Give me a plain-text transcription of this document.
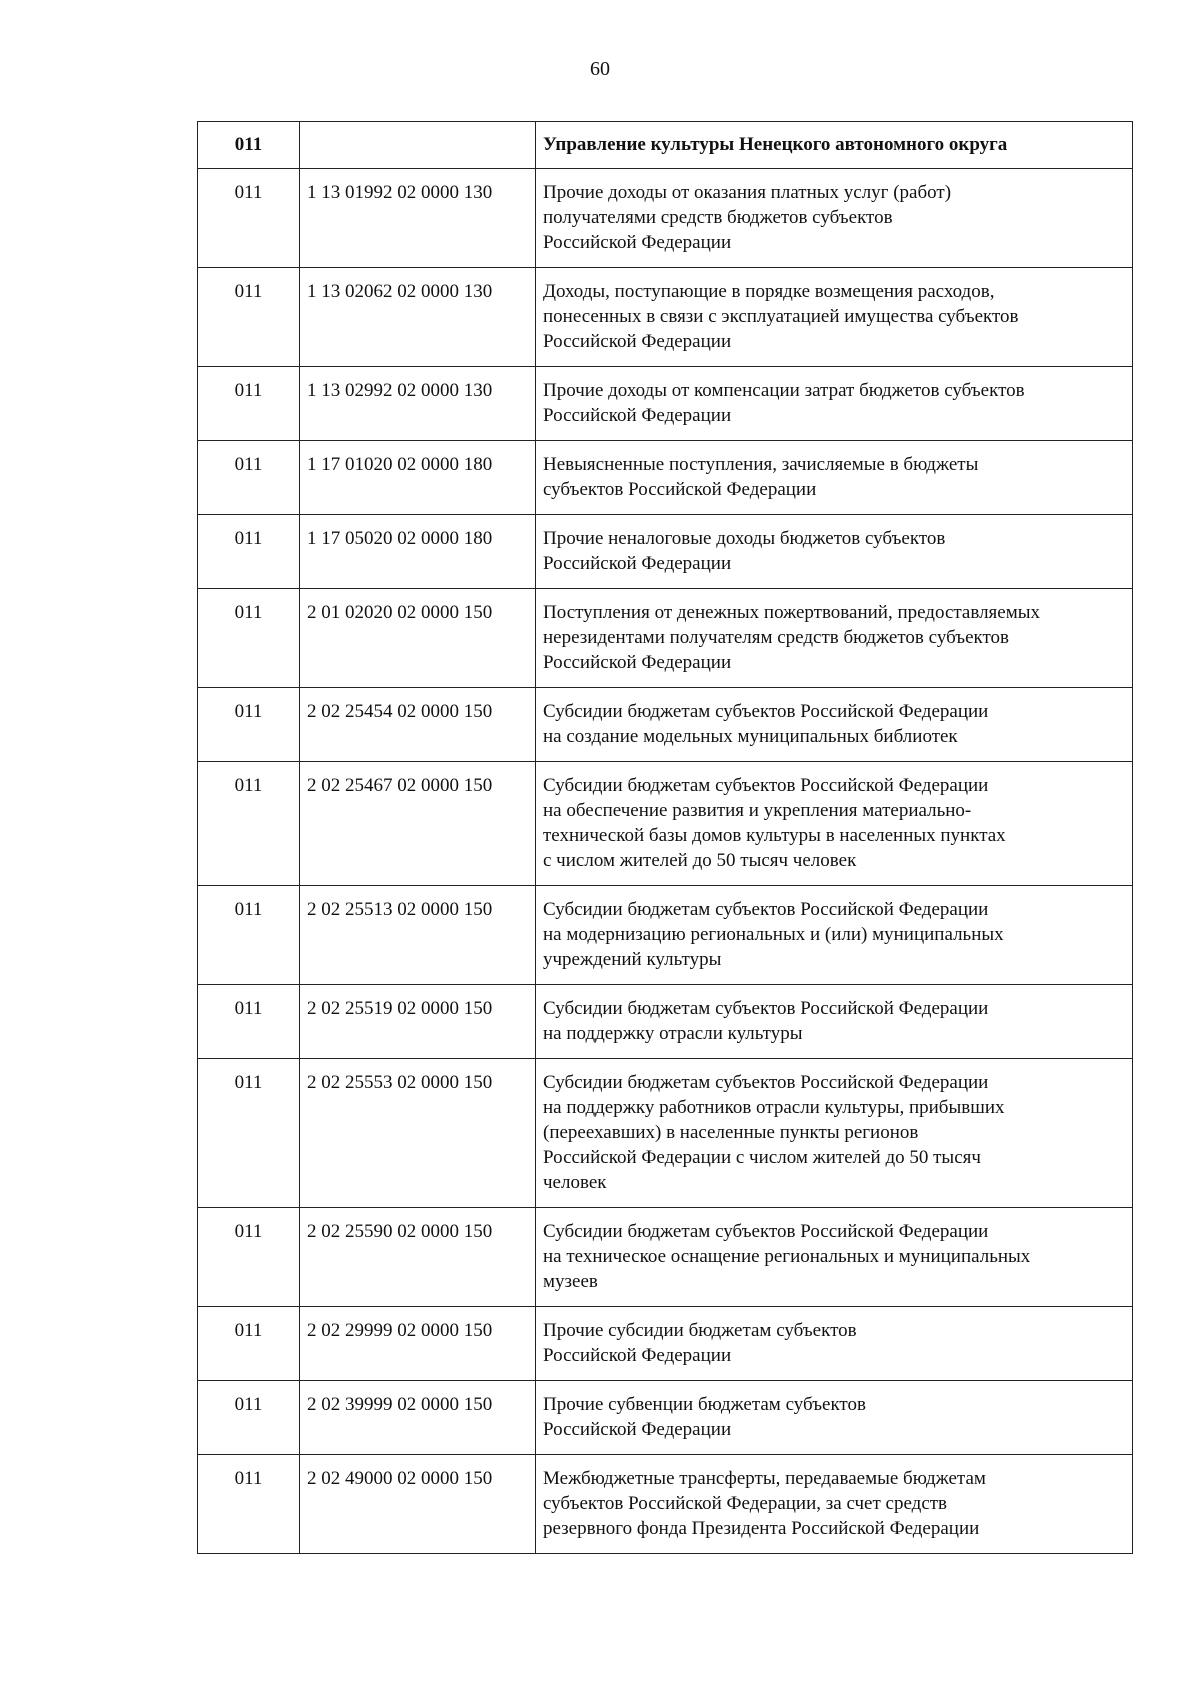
60
011		Управление культуры Ненецкого автономного округа
011	1 13 01992 02 0000 130	Прочие доходы от оказания платных услуг (работ)
получателями средств бюджетов субъектов
Российской Федерации
011	1 13 02062 02 0000 130	Доходы, поступающие в порядке возмещения расходов,
понесенных в связи с эксплуатацией имущества субъектов
Российской Федерации
011	1 13 02992 02 0000 130	Прочие доходы от компенсации затрат бюджетов субъектов
Российской Федерации
011	1 17 01020 02 0000 180	Невыясненные поступления, зачисляемые в бюджеты
субъектов Российской Федерации
011	1 17 05020 02 0000 180	Прочие неналоговые доходы бюджетов субъектов
Российской Федерации
011	2 01 02020 02 0000 150	Поступления от денежных пожертвований, предоставляемых
нерезидентами получателям средств бюджетов субъектов
Российской Федерации
011	2 02 25454 02 0000 150	Субсидии бюджетам субъектов Российской Федерации
на создание модельных муниципальных библиотек
011	2 02 25467 02 0000 150	Субсидии бюджетам субъектов Российской Федерации
на обеспечение развития и укрепления материально-
технической базы домов культуры в населенных пунктах
с числом жителей до 50 тысяч человек
011	2 02 25513 02 0000 150	Субсидии бюджетам субъектов Российской Федерации
на модернизацию региональных и (или) муниципальных
учреждений культуры
011	2 02 25519 02 0000 150	Субсидии бюджетам субъектов Российской Федерации
на поддержку отрасли культуры
011	2 02 25553 02 0000 150	Субсидии бюджетам субъектов Российской Федерации
на поддержку работников отрасли культуры, прибывших
(переехавших) в населенные пункты регионов
Российской Федерации с числом жителей до 50 тысяч
человек
011	2 02 25590 02 0000 150	Субсидии бюджетам субъектов Российской Федерации
на техническое оснащение региональных и муниципальных
музеев
011	2 02 29999 02 0000 150	Прочие субсидии бюджетам субъектов
Российской Федерации
011	2 02 39999 02 0000 150	Прочие субвенции бюджетам субъектов
Российской Федерации
011	2 02 49000 02 0000 150	Межбюджетные трансферты, передаваемые бюджетам
субъектов Российской Федерации, за счет средств
резервного фонда Президента Российской Федерации
